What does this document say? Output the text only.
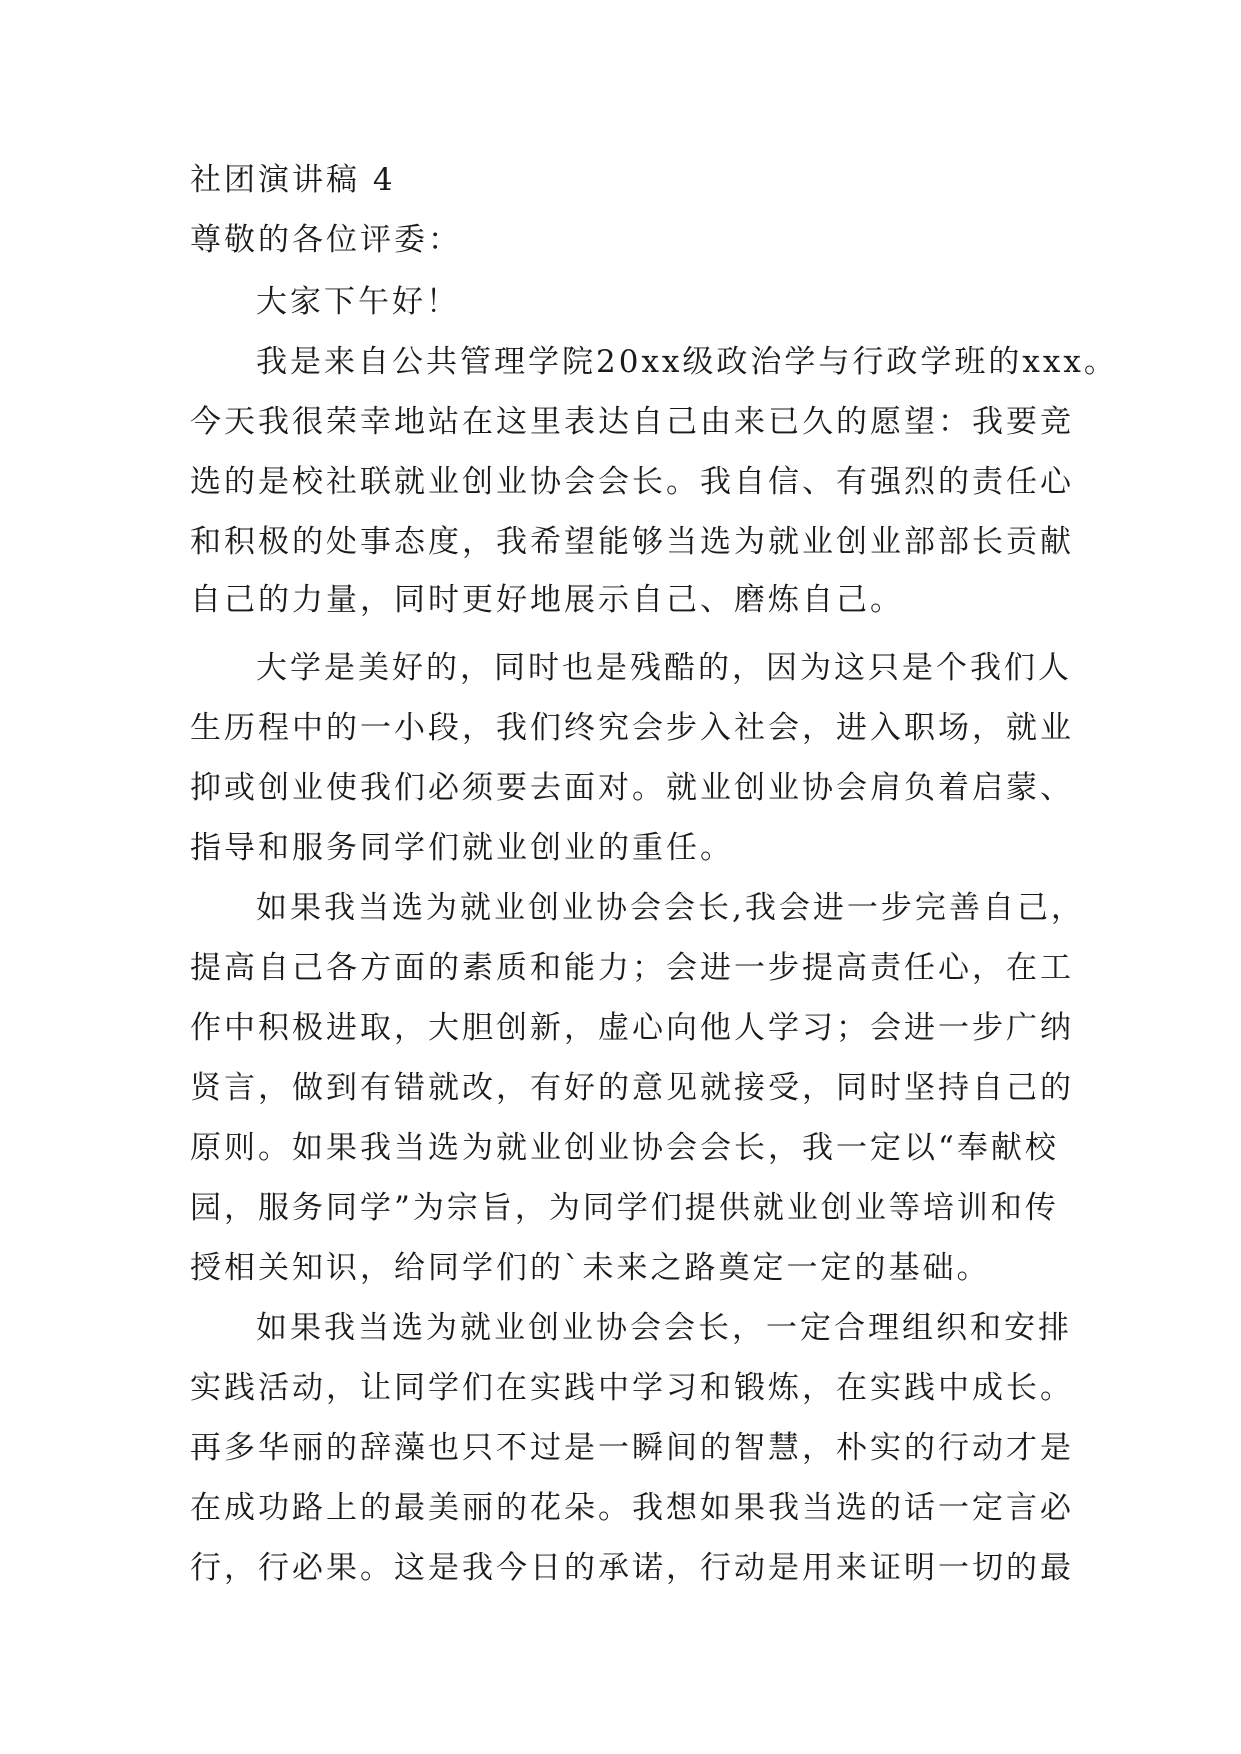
社团演讲稿 4
尊敬的各位评委：
大家下午好！
我是来自公共管理学院20xx级政治学与行政学班的xxx。
今天我很荣幸地站在这里表达自己由来已久的愿望：我要竞
选的是校社联就业创业协会会长。我自信、有强烈的责任心
和积极的处事态度，我希望能够当选为就业创业部部长贡献
自己的力量，同时更好地展示自己、磨炼自己。
大学是美好的，同时也是残酷的，因为这只是个我们人
生历程中的一小段，我们终究会步入社会，进入职场，就业
抑或创业使我们必须要去面对。就业创业协会肩负着启蒙、
指导和服务同学们就业创业的重任。
如果我当选为就业创业协会会长,我会进一步完善自己，
提高自己各方面的素质和能力；会进一步提高责任心，在工
作中积极进取，大胆创新，虚心向他人学习；会进一步广纳
贤言，做到有错就改，有好的意见就接受，同时坚持自己的
原则。如果我当选为就业创业协会会长，我一定以“奉献校
园，服务同学”为宗旨，为同学们提供就业创业等培训和传
授相关知识，给同学们的`未来之路奠定一定的基础。
如果我当选为就业创业协会会长，一定合理组织和安排
实践活动，让同学们在实践中学习和锻炼，在实践中成长。
再多华丽的辞藻也只不过是一瞬间的智慧，朴实的行动才是
在成功路上的最美丽的花朵。我想如果我当选的话一定言必
行，行必果。这是我今日的承诺，行动是用来证明一切的最
